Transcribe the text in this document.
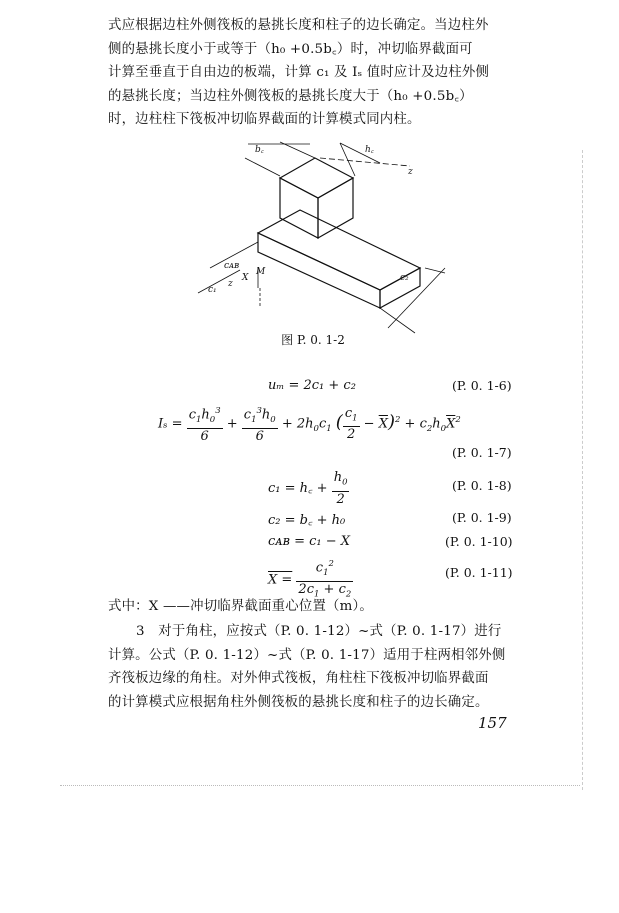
式应根据边柱外侧筏板的悬挑长度和柱子的边长确定。当边柱外
侧的悬挑长度小于或等于（h₀ +0.5b꜀）时，冲切临界截面可
计算至垂直于自由边的板端，计算 c₁ 及 Iₛ 值时应计及边柱外侧
的悬挑长度；当边柱外侧筏板的悬挑长度大于（h₀ +0.5b꜀）
时，边柱柱下筏板冲切临界截面的计算模式同内柱。
b꜀	h꜀
z
cᴀʙ
X
M
c₁
z
c₂
图 P. 0. 1-2
uₘ = 2c₁ + c₂	(P. 0. 1-6)
$I_s = \frac{c_1h_0^3}{6} + \frac{c_1^3h_0}{6} + 2h_0c_1$ ( $\frac{c_1}{2} - \overline{X})^2 + c_2h_0\overline{X}^2$
(P. 0. 1-7)
c₁ = h꜀ + $\frac{h_0}{2}$	(P. 0. 1-8)
c₂ = b꜀ + h₀	(P. 0. 1-9)
cᴀʙ = c₁ − X	(P. 0. 1-10)
$X = \frac{c_1^2}{2c_1 + c_2}$	(P. 0. 1-11)
式中：X ——冲切临界截面重心位置（m）。
3　对于角柱，应按式（P. 0. 1-12）~式（P. 0. 1-17）进行
计算。公式（P. 0. 1-12）~式（P. 0. 1-17）适用于柱两相邻外侧
齐筏板边缘的角柱。对外伸式筏板，角柱柱下筏板冲切临界截面
的计算模式应根据角柱外侧筏板的悬挑长度和柱子的边长确定。
157
